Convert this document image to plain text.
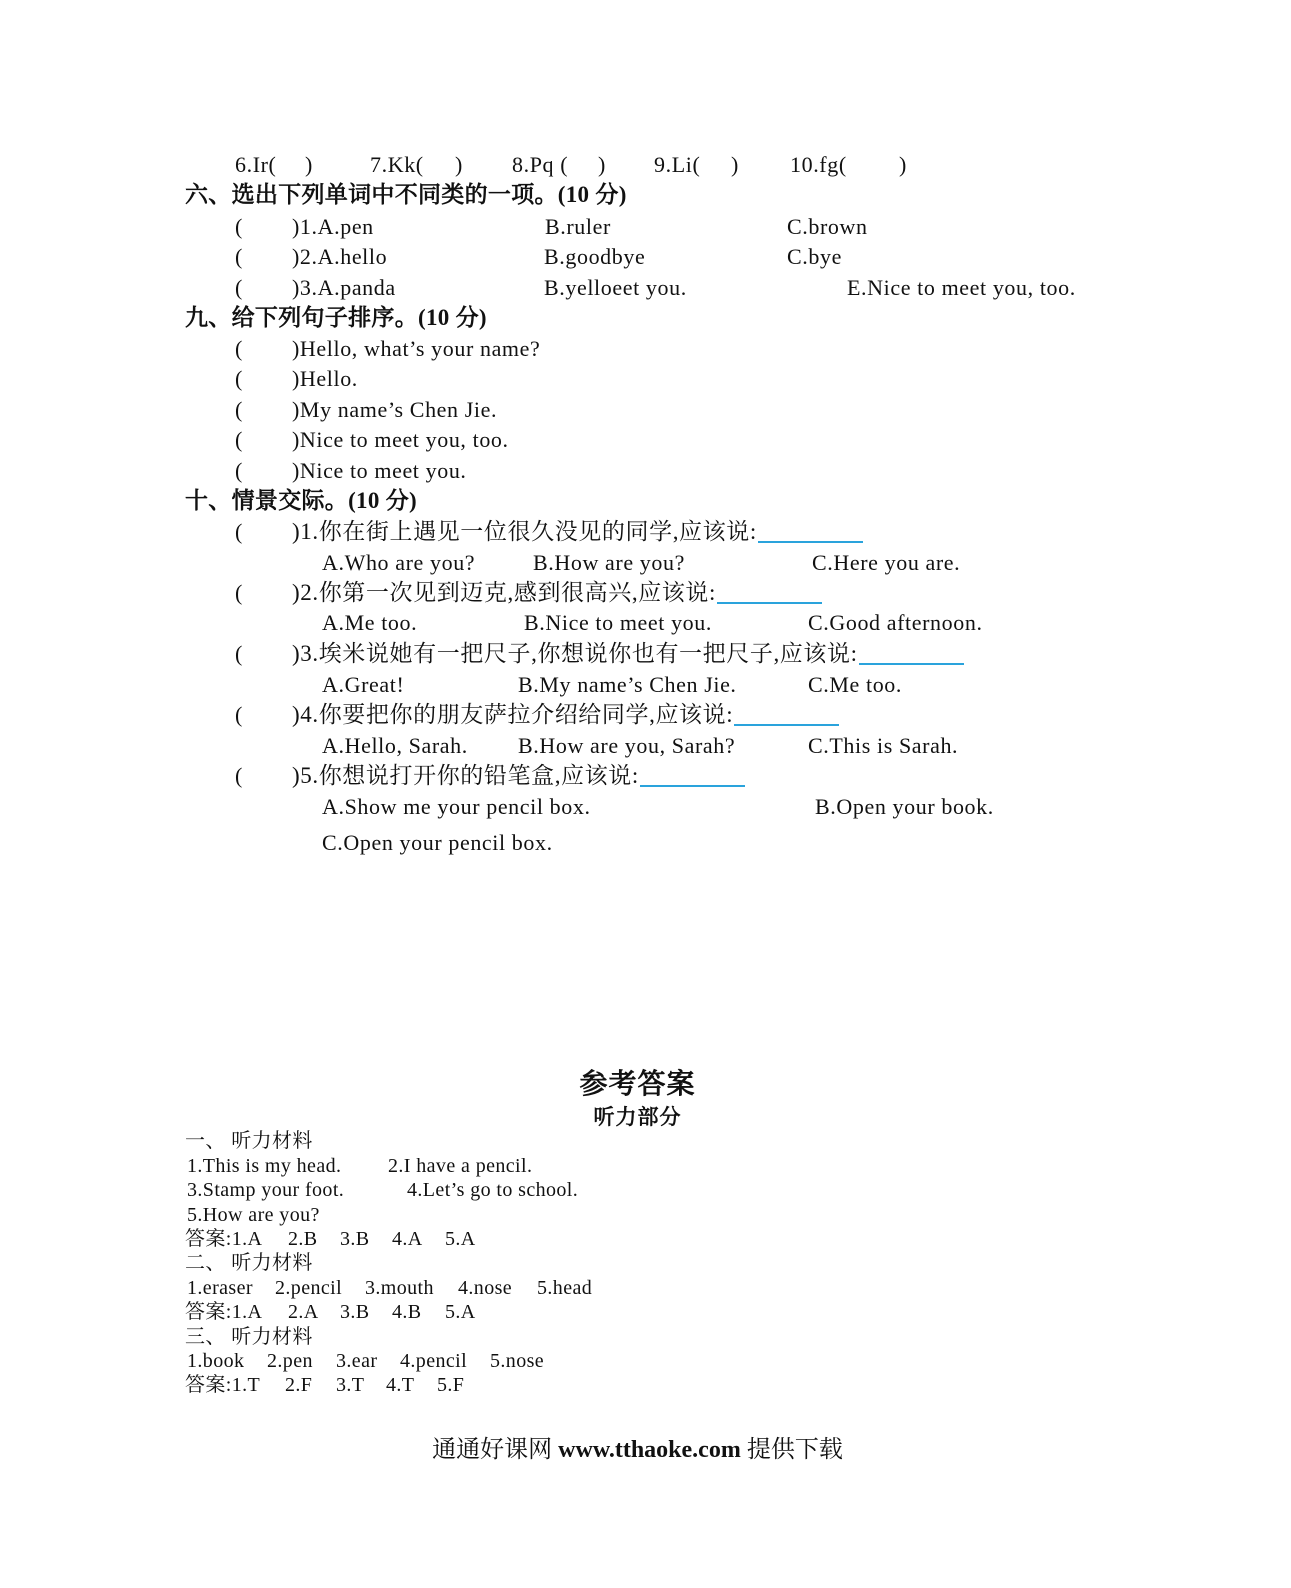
6.Ir( )	7.Kk( ) 8.Pq ( ) 9.Li( ) 10.fg( )
六、选出下列单词中不同类的一项。(10 分)
( )1.A.pen	B.ruler	C.brown
( )2.A.hello	B.goodbye	C.bye
( )3.A.panda	B.yelloeet you.	E.Nice to meet you, too.
九、给下列句子排序。(10 分)
( )Hello, what’s your name?
( )Hello.
( )My name’s Chen Jie.
( )Nice to meet you, too.
( )Nice to meet you.
十、情景交际。(10 分)
( )1.你在街上遇见一位很久没见的同学,应该说:
A.Who are you?	B.How are you?	C.Here you are.
( )2.你第一次见到迈克,感到很高兴,应该说:
A.Me too.	B.Nice to meet you.	C.Good afternoon.
( )3.埃米说她有一把尺子,你想说你也有一把尺子,应该说:
A.Great!	B.My name’s Chen Jie.	C.Me too.
( )4.你要把你的朋友萨拉介绍给同学,应该说:
A.Hello, Sarah. B.How are you, Sarah?	C.This is Sarah.
( )5.你想说打开你的铅笔盒,应该说:
A.Show me your pencil box.	B.Open your book.
C.Open your pencil box.
参考答案
听力部分
一、 听力材料
1.This is my head. 2.I have a pencil.
3.Stamp your foot.	4.Let’s go to school.
5.How are you?
答案:1.A 2.B 3.B 4.A 5.A
二、 听力材料
1.eraser 2.pencil 3.mouth 4.nose 5.head
答案:1.A 2.A 3.B 4.B 5.A
三、 听力材料
1.book 2.pen 3.ear 4.pencil 5.nose
答案:1.T 2.F 3.T 4.T 5.F
通通好课网 www.tthaoke.com 提供下载
